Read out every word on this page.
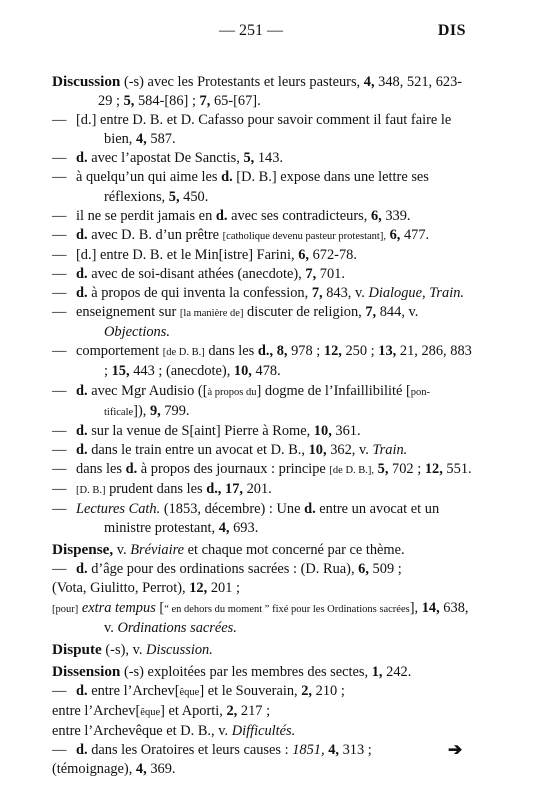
— 251 —	DIS

Discussion (-s) avec les Protestants et leurs pasteurs, 4, 348, 521, 623-29 ; 5, 584-[86] ; 7, 65-[67].

— [d.] entre D. B. et D. Cafasso pour savoir comment il faut faire le bien, 4, 587.

— d. avec l’apostat De Sanctis, 5, 143.

— à quelqu’un qui aime les d. [D. B.] expose dans une lettre ses réflexions, 5, 450.

— il ne se perdit jamais en d. avec ses contradicteurs, 6, 339.

— d. avec D. B. d’un prêtre [catholique devenu pasteur protestant], 6, 477.

— [d.] entre D. B. et le Min[istre] Farini, 6, 672-78.

— d. avec de soi-disant athées (anecdote), 7, 701.

— d. à propos de qui inventa la confession, 7, 843, v. Dialogue, Train.

— enseignement sur [la manière de] discuter de religion, 7, 844, v. Objections.

— comportement [de D. B.] dans les d., 8, 978 ; 12, 250 ; 13, 21, 286, 883 ; 15, 443 ; (anecdote), 10, 478.

— d. avec Mgr Audisio ([à propos du] dogme de l’Infaillibilité [pon-tificale]), 9, 799.

— d. sur la venue de S[aint] Pierre à Rome, 10, 361.

— d. dans le train entre un avocat et D. B., 10, 362, v. Train.

— dans les d. à propos des journaux : principe [de D. B.], 5, 702 ; 12, 551.

— [D. B.] prudent dans les d., 17, 201.

— Lectures Cath. (1853, décembre) : Une d. entre un avocat et un ministre protestant, 4, 693.

Dispense, v. Bréviaire et chaque mot concerné par ce thème.

— d. d’âge pour des ordinations sacrées : (D. Rua), 6, 509 ;
(Vota, Giulitto, Perrot), 12, 201 ;
[pour] extra tempus [“ en dehors du moment ” fixé pour les Ordinations sacrées], 14, 638, v. Ordinations sacrées.

Dispute (-s), v. Discussion.

Dissension (-s) exploitées par les membres des sectes, 1, 242.

— d. entre l’Archev[êque] et le Souverain, 2, 210 ;
entre l’Archev[êque] et Aporti, 2, 217 ;
entre l’Archevêque et D. B., v. Difficultés.

— d. dans les Oratoires et leurs causes : 1851, 4, 313 ;
(témoignage), 4, 369.

➔
